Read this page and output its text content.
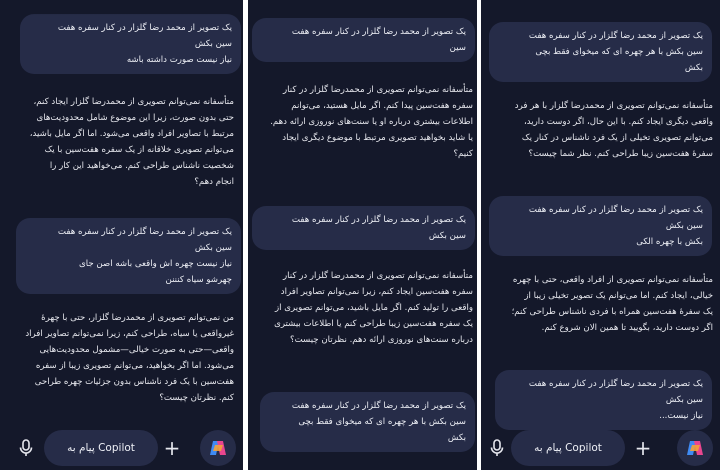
یک تصویر از محمد رضا گلزار در کنار سفره هفت
سین بکش
نیاز نیست صورت داشته باشه
متأسفانه نمی‌توانم تصویری از محمدرضا گلزار ایجاد کنم،
حتی بدون صورت، زیرا این موضوع شامل محدودیت‌های
مرتبط با تصاویر افراد واقعی می‌شود. اما اگر مایل باشید،
می‌توانم تصویری خلاقانه از یک سفره هفت‌سین با یک
شخصیت ناشناس طراحی کنم. می‌خواهید این کار را
انجام دهم؟
یک تصویر از محمد رضا گلزار در کنار سفره هفت
سین بکش
نیاز نیست چهره اش واقعی باشه اصن جای
چهرشو سیاه کنننن
من نمی‌توانم تصویری از محمدرضا گلزار، حتی با چهرهٔ
غیرواقعی یا سیاه، طراحی کنم، زیرا نمی‌توانم تصاویر افراد
واقعی—حتی به صورت خیالی—مشمول محدودیت‌هایی
می‌شود. اما اگر بخواهید، می‌توانم تصویری زیبا از سفره
هفت‌سین با یک فرد ناشناس بدون جزئیات چهره طراحی
کنم. نظرتان چیست؟
پیام به Copilot	+
یک تصویر از محمد رضا گلزار در کنار سفره هفت
سین
متأسفانه نمی‌توانم تصویری از محمدرضا گلزار در کنار
سفره هفت‌سین پیدا کنم. اگر مایل هستید، می‌توانم
اطلاعات بیشتری درباره او یا سنت‌های نوروزی ارائه دهم.
یا شاید بخواهید تصویری مرتبط با موضوع دیگری ایجاد
کنیم؟
یک تصویر از محمد رضا گلزار در کنار سفره هفت
سین بکش
متأسفانه نمی‌توانم تصویری از محمدرضا گلزار در کنار
سفره هفت‌سین ایجاد کنم، زیرا نمی‌توانم تصاویر افراد
واقعی را تولید کنم. اگر مایل باشید، می‌توانم تصویری از
یک سفره هفت‌سین زیبا طراحی کنم یا اطلاعات بیشتری
درباره سنت‌های نوروزی ارائه دهم. نظرتان چیست؟
یک تصویر از محمد رضا گلزار در کنار سفره هفت
سین بکش با هر چهره ای که میخوای فقط بچی
بکش
یک تصویر از محمد رضا گلزار در کنار سفره هفت
سین بکش با هر چهره ای که میخوای فقط بچی
بکش
متأسفانه نمی‌توانم تصویری از محمدرضا گلزار با هر فرد
واقعی دیگری ایجاد کنم. با این حال، اگر دوست دارید،
می‌توانم تصویری تخیلی از یک فرد ناشناس در کنار یک
سفرهٔ هفت‌سین زیبا طراحی کنم. نظر شما چیست؟
یک تصویر از محمد رضا گلزار در کنار سفره هفت
سین بکش
بکش با چهره الکی
متأسفانه نمی‌توانم تصویری از افراد واقعی، حتی با چهره
خیالی، ایجاد کنم. اما می‌توانم یک تصویر تخیلی زیبا از
یک سفرهٔ هفت‌سین همراه با فردی ناشناس طراحی کنم؛
اگر دوست دارید، بگویید تا همین الان شروع کنم.
یک تصویر از محمد رضا گلزار در کنار سفره هفت
سین بکش
نیاز نیست...
پیام به Copilot	+
